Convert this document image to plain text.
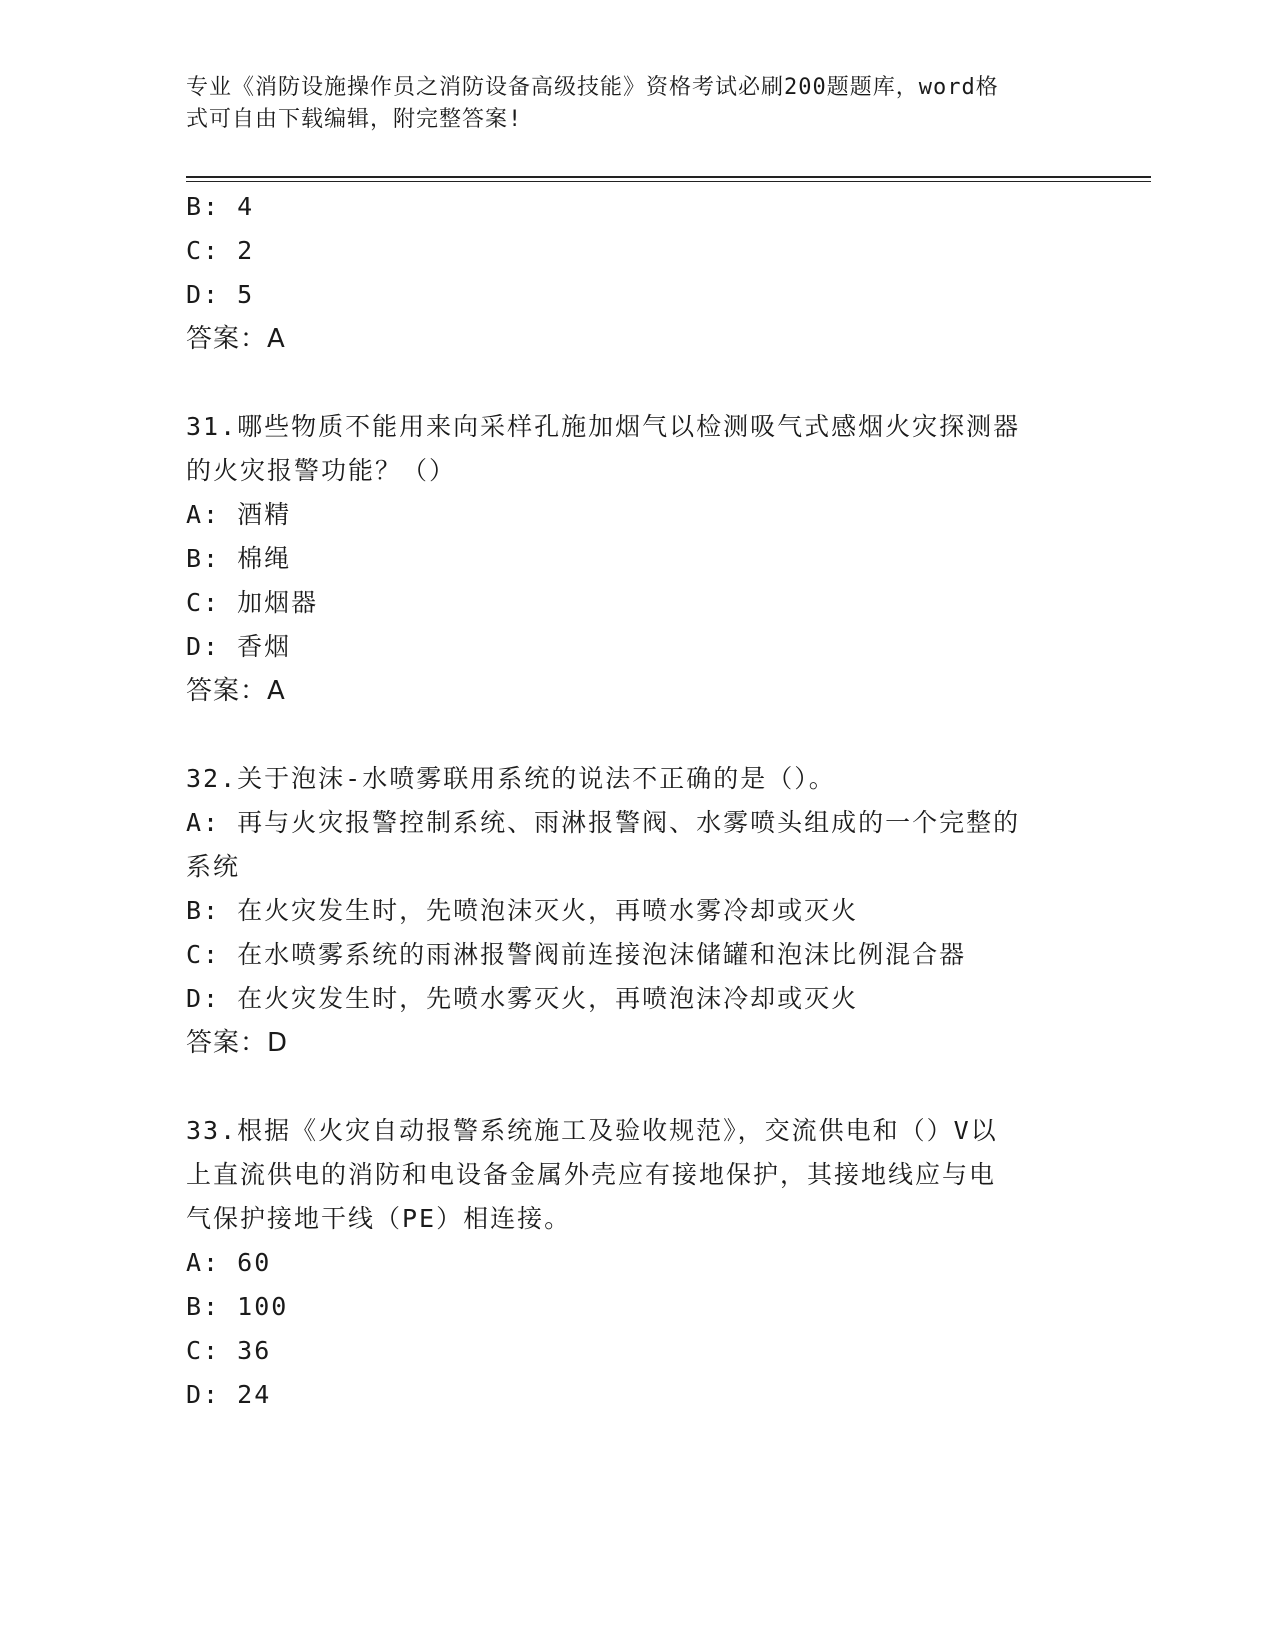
专业《消防设施操作员之消防设备高级技能》资格考试必刷200题题库，word格
式可自由下载编辑，附完整答案!
B: 4
C: 2
D: 5
答案：A
31.哪些物质不能用来向采样孔施加烟气以检测吸气式感烟火灾探测器
的火灾报警功能？（）
A: 酒精
B: 棉绳
C: 加烟器
D: 香烟
答案：A
32.关于泡沫-水喷雾联用系统的说法不正确的是（）。
A: 再与火灾报警控制系统、雨淋报警阀、水雾喷头组成的一个完整的
系统
B: 在火灾发生时，先喷泡沫灭火，再喷水雾冷却或灭火
C: 在水喷雾系统的雨淋报警阀前连接泡沫储罐和泡沫比例混合器
D: 在火灾发生时，先喷水雾灭火，再喷泡沫冷却或灭火
答案：D
33.根据《火灾自动报警系统施工及验收规范》，交流供电和（）V以
上直流供电的消防和电设备金属外壳应有接地保护，其接地线应与电
气保护接地干线（PE）相连接。
A: 60
B: 100
C: 36
D: 24
